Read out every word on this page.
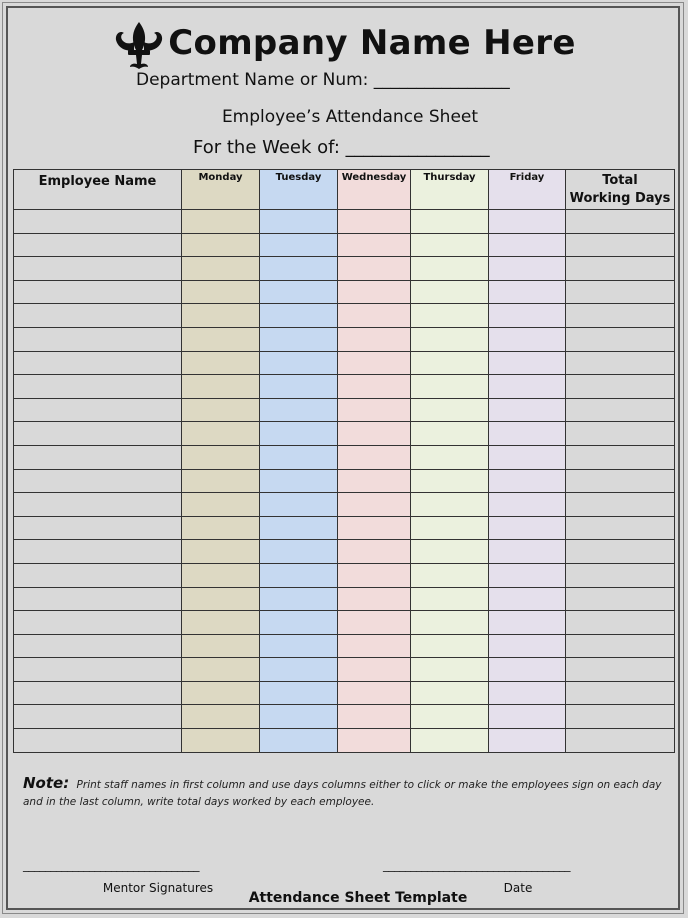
Company Name Here
Department Name or Num: ________________
Employee’s Attendance Sheet
For the Week of: ________________
Employee Name	Monday	Tuesday	Wednesday	Thursday	Friday	Total
Working Days

Note: Print staff names in first column and use days columns either to click or make the employees sign on each day and in the last column, write total days worked by each employee.
________________________________
Mentor Signatures
__________________________________
Date
Attendance Sheet Template
